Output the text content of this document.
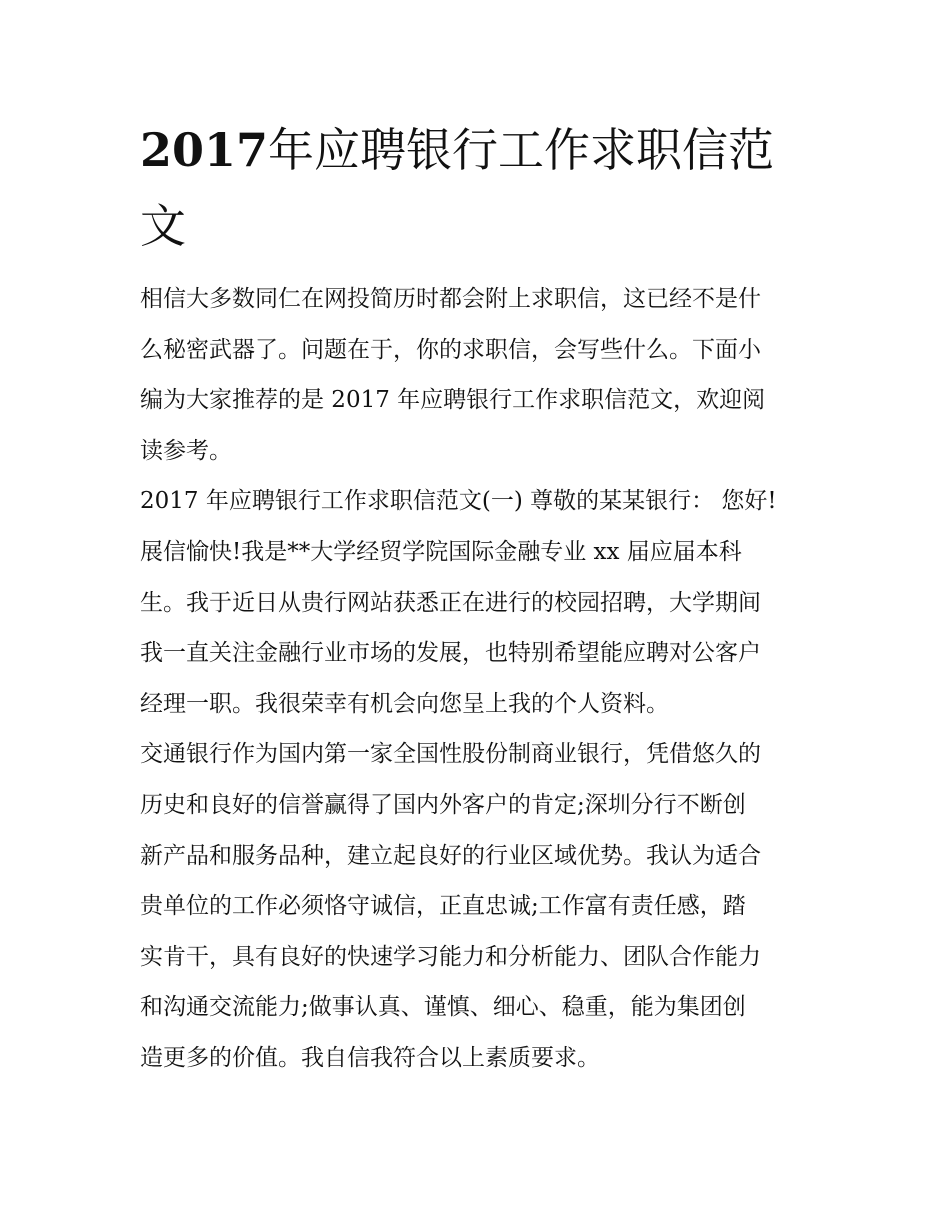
2017年应聘银行工作求职信范
文
相信大多数同仁在网投简历时都会附上求职信，这已经不是什
么秘密武器了。问题在于，你的求职信，会写些什么。下面小
编为大家推荐的是 2017 年应聘银行工作求职信范文，欢迎阅
读参考。
2017 年应聘银行工作求职信范文(一) 尊敬的某某银行： 您好!
展信愉快!我是**大学经贸学院国际金融专业 xx 届应届本科
生。我于近日从贵行网站获悉正在进行的校园招聘，大学期间
我一直关注金融行业市场的发展，也特别希望能应聘对公客户
经理一职。我很荣幸有机会向您呈上我的个人资料。
交通银行作为国内第一家全国性股份制商业银行，凭借悠久的
历史和良好的信誉赢得了国内外客户的肯定;深圳分行不断创
新产品和服务品种，建立起良好的行业区域优势。我认为适合
贵单位的工作必须恪守诚信，正直忠诚;工作富有责任感，踏
实肯干，具有良好的快速学习能力和分析能力、团队合作能力
和沟通交流能力;做事认真、谨慎、细心、稳重，能为集团创
造更多的价值。我自信我符合以上素质要求。
